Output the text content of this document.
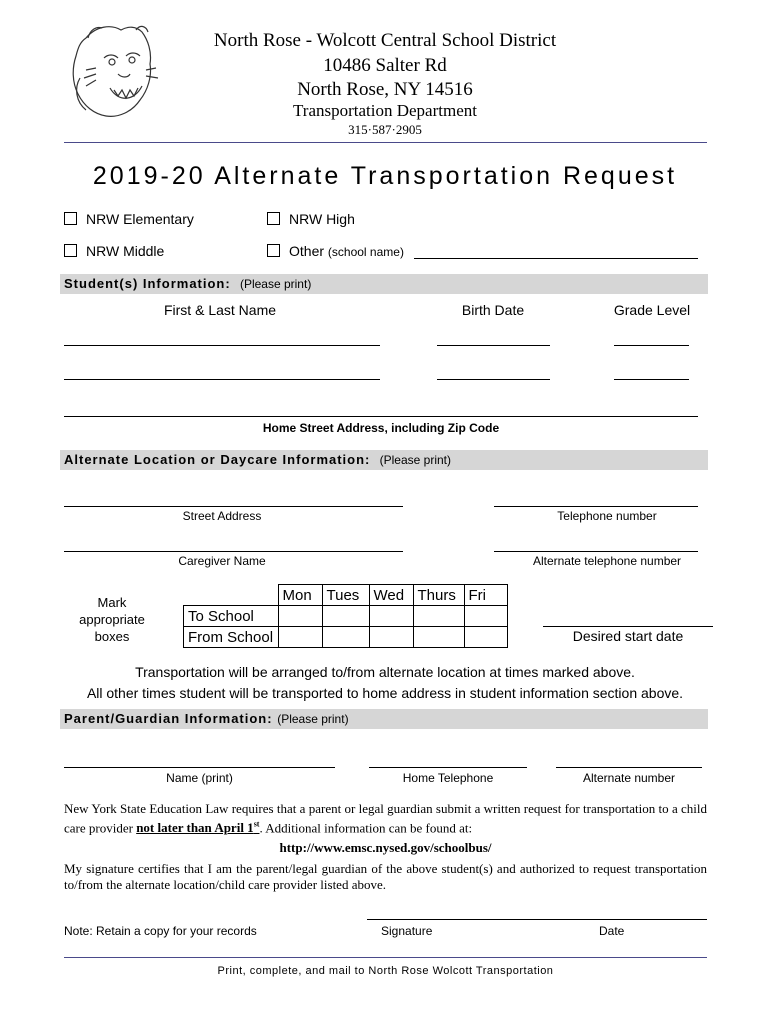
North Rose - Wolcott Central School District
10486 Salter Rd
North Rose, NY 14516
Transportation Department
315·587·2905
2019-20 Alternate Transportation Request
NRW Elementary	NRW High
NRW Middle	Other (school name)
Student(s) Information: (Please print)
First & Last Name	Birth Date	Grade Level
Home Street Address, including Zip Code
Alternate Location or Daycare Information: (Please print)
Street Address	Telephone number
Caregiver Name	Alternate telephone number
Mark
appropriate
boxes
	Mon	Tues	Wed	Thurs	Fri
To School					
From School						Desired start date
Transportation will be arranged to/from alternate location at times marked above.
All other times student will be transported to home address in student information section above.
Parent/Guardian Information: (Please print)
Name (print)	Home Telephone	Alternate number
New York State Education Law requires that a parent or legal guardian submit a written request for transportation to a child care provider not later than April 1st. Additional information can be found at:
http://www.emsc.nysed.gov/schoolbus/
My signature certifies that I am the parent/legal guardian of the above student(s) and authorized to request transportation to/from the alternate location/child care provider listed above.
Note: Retain a copy for your records	Signature	Date
Print, complete, and mail to North Rose Wolcott Transportation
